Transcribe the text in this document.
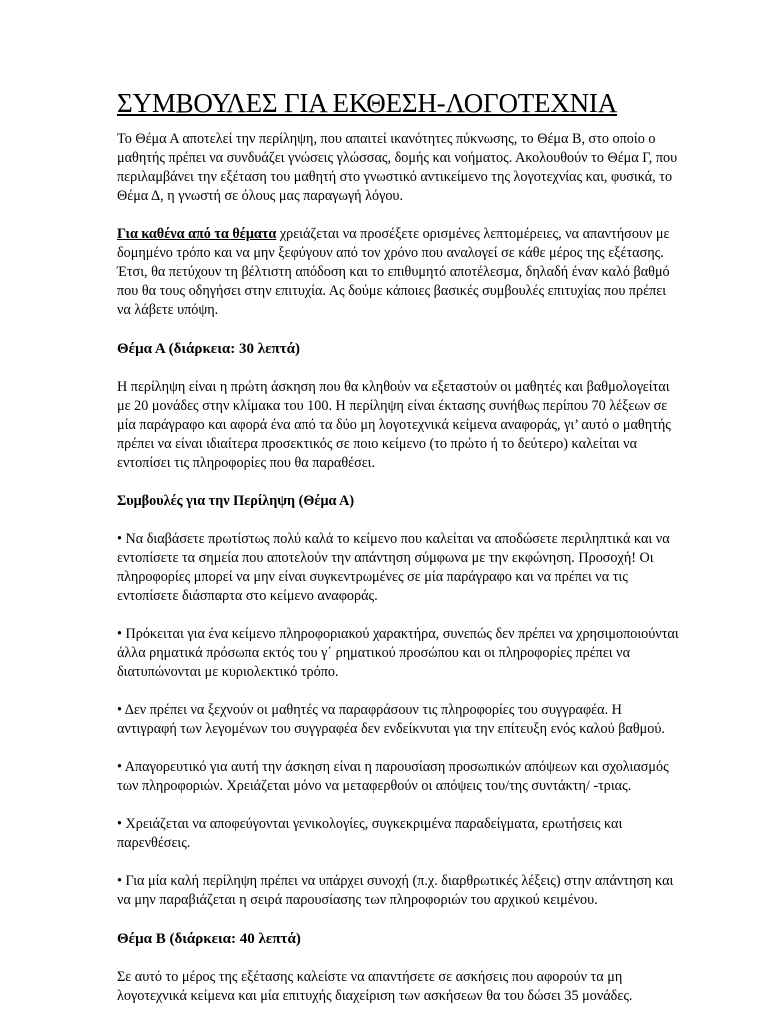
ΣΥΜΒΟΥΛΕΣ ΓΙΑ ΕΚΘΕΣΗ-ΛΟΓΟΤΕΧΝΙΑ

Το Θέμα Α αποτελεί την περίληψη, που απαιτεί ικανότητες πύκνωσης, το Θέμα Β, στο οποίο ο μαθητής πρέπει να συνδυάζει γνώσεις γλώσσας, δομής και νοήματος. Ακολουθούν το Θέμα Γ, που περιλαμβάνει την εξέταση του μαθητή στο γνωστικό αντικείμενο της λογοτεχνίας και, φυσικά, το Θέμα Δ, η γνωστή σε όλους μας παραγωγή λόγου.

Για καθένα από τα θέματα χρειάζεται να προσέξετε ορισμένες λεπτομέρειες, να απαντήσουν με δομημένο τρόπο και να μην ξεφύγουν από τον χρόνο που αναλογεί σε κάθε μέρος της εξέτασης. Έτσι, θα πετύχουν τη βέλτιστη απόδοση και το επιθυμητό αποτέλεσμα, δηλαδή έναν καλό βαθμό που θα τους οδηγήσει στην επιτυχία. Ας δούμε κάποιες βασικές συμβουλές επιτυχίας που πρέπει να λάβετε υπόψη.

Θέμα Α (διάρκεια: 30 λεπτά)

Η περίληψη είναι η πρώτη άσκηση που θα κληθούν να εξεταστούν οι μαθητές και βαθμολογείται με 20 μονάδες στην κλίμακα του 100. Η περίληψη είναι έκτασης συνήθως περίπου 70 λέξεων σε μία παράγραφο και αφορά ένα από τα δύο μη λογοτεχνικά κείμενα αναφοράς, γι’ αυτό ο μαθητής πρέπει να είναι ιδιαίτερα προσεκτικός σε ποιο κείμενο (το πρώτο ή το δεύτερο) καλείται να εντοπίσει τις πληροφορίες που θα παραθέσει.

Συμβουλές για την Περίληψη (Θέμα Α)

• Να διαβάσετε πρωτίστως πολύ καλά το κείμενο που καλείται να αποδώσετε περιληπτικά και να εντοπίσετε τα σημεία που αποτελούν την απάντηση σύμφωνα με την εκφώνηση. Προσοχή! Οι πληροφορίες μπορεί να μην είναι συγκεντρωμένες σε μία παράγραφο και να πρέπει να τις εντοπίσετε διάσπαρτα στο κείμενο αναφοράς.

• Πρόκειται για ένα κείμενο πληροφοριακού χαρακτήρα, συνεπώς δεν πρέπει να χρησιμοποιούνται άλλα ρηματικά πρόσωπα εκτός του γ΄ ρηματικού προσώπου και οι πληροφορίες πρέπει να διατυπώνονται με κυριολεκτικό τρόπο.

• Δεν πρέπει να ξεχνούν οι μαθητές να παραφράσουν τις πληροφορίες του συγγραφέα. Η αντιγραφή των λεγομένων του συγγραφέα δεν ενδείκνυται για την επίτευξη ενός καλού βαθμού.

• Απαγορευτικό για αυτή την άσκηση είναι η παρουσίαση προσωπικών απόψεων και σχολιασμός των πληροφοριών. Χρειάζεται μόνο να μεταφερθούν οι απόψεις του/της συντάκτη/ -τριας.

• Χρειάζεται να αποφεύγονται γενικολογίες, συγκεκριμένα παραδείγματα, ερωτήσεις και παρενθέσεις.

• Για μία καλή περίληψη πρέπει να υπάρχει συνοχή (π.χ. διαρθρωτικές λέξεις) στην απάντηση και να μην παραβιάζεται η σειρά παρουσίασης των πληροφοριών του αρχικού κειμένου.

Θέμα Β (διάρκεια: 40 λεπτά)

Σε αυτό το μέρος της εξέτασης καλείστε να απαντήσετε σε ασκήσεις που αφορούν τα μη λογοτεχνικά κείμενα και μία επιτυχής διαχείριση των ασκήσεων θα του δώσει 35 μονάδες.
